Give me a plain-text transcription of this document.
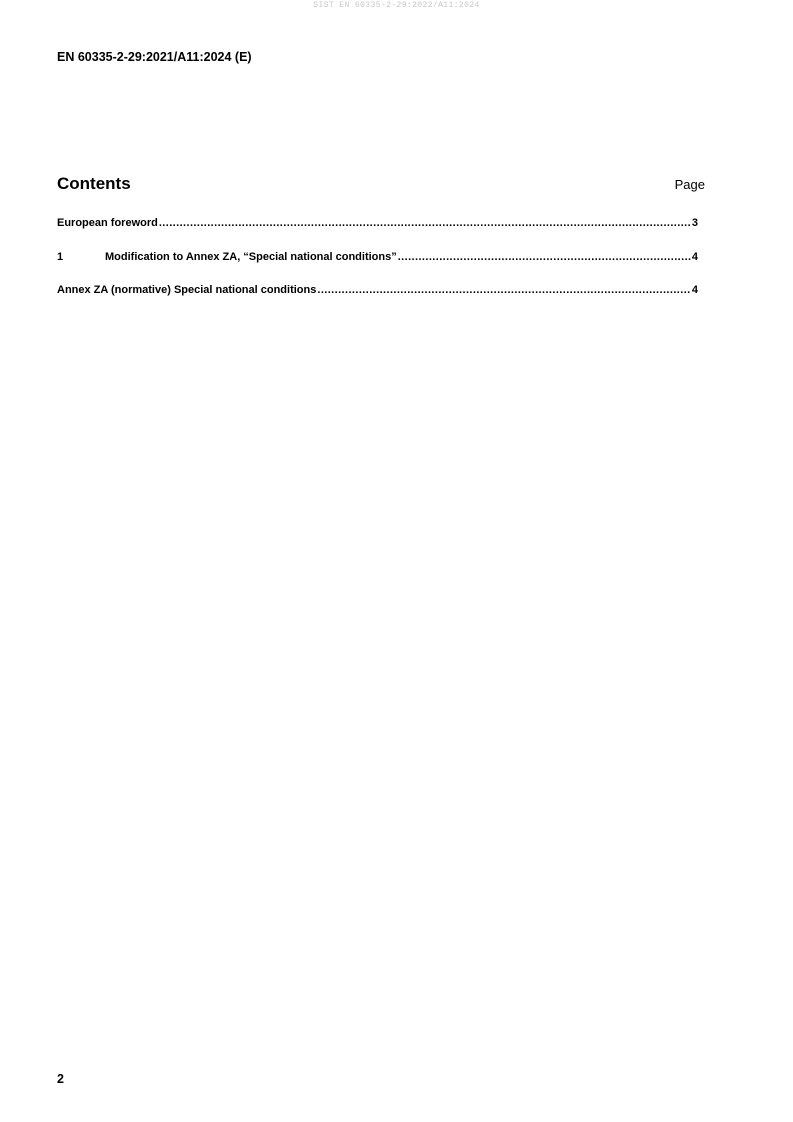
SIST EN 60335-2-29:2022/A11:2024
EN 60335-2-29:2021/A11:2024 (E)
Contents	Page
European foreword .....	3
1	Modification to Annex ZA, “Special national conditions” .....	4
Annex ZA (normative) Special national conditions .....	4
2
